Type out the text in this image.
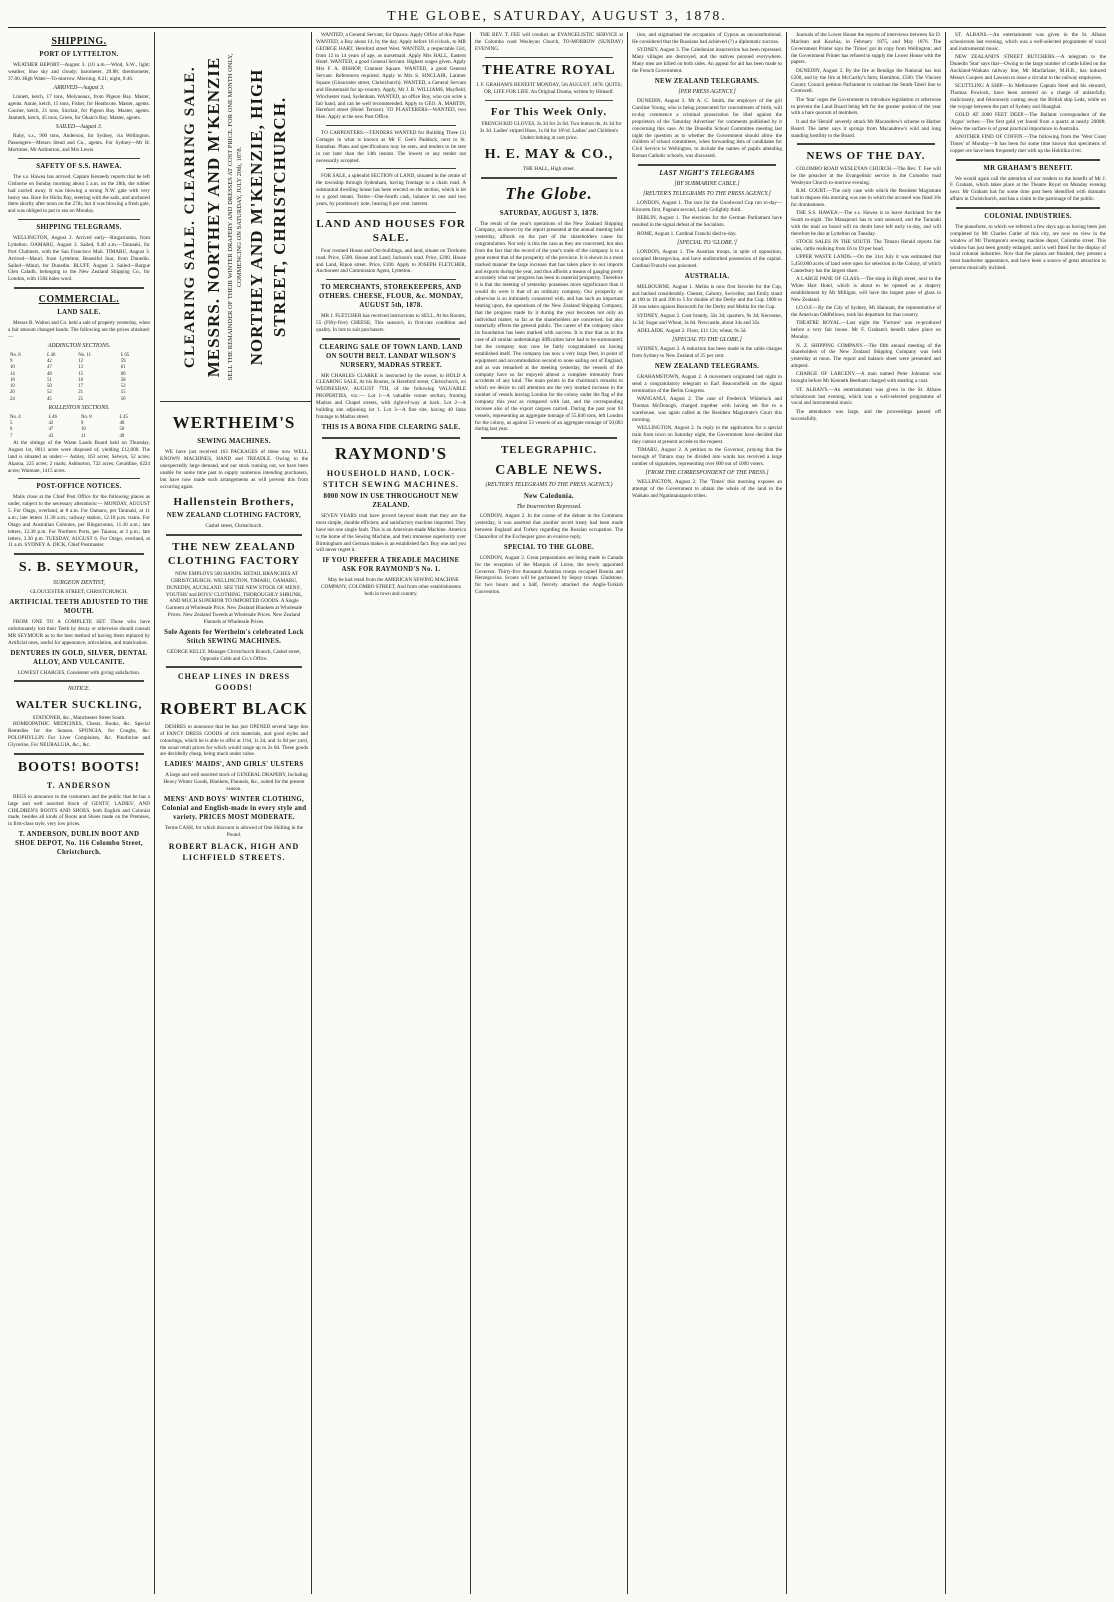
THE GLOBE, SATURDAY, AUGUST 3, 1878.
SHIPPING.
PORT OF LYTTELTON.
WEATHER REPORT—August 3. (10 a.m.—Wind, S.W., light; weather, blue sky and cloudy; barometer, 29.88; thermometer, 37.00. High Water—To-morrow. Morning, 8.21; night, 8.46.
ARRIVED—August 3.
Linnett, ketch, 17 tons, Molyneaux, from Pigeon Bay. Master, agents. Annie, ketch, 15 tons, Fisher, for Heathcote. Master, agents. Courier, ketch, 21 tons, Sinclair, for Pigeon Bay. Master, agents. Janmeth, ketch, 45 tons, Green, for Okain's Bay. Master, agents.
SAILED—August 3.
Ruby, s.s., 900 tons, Anderson, for Sydney, via Wellington. Passengers—Messrs Stead and Co., agents. For Sydney—Mr H. Mortimer, Mr Ashburton, and Mrs Lewis.
SAFETY OF S.S. HAWEA.
The s.s. Hawea has arrived. Captain Kennedy reports that he left Gisborne on Sunday morning about 5 a.m. on the 28th, the rubber had carried away. It was blowing a strong N.W. gale with very heavy sea. Bore for Hicks Bay, steering with the sails, and anchored there shortly after noon on the 27th, but it was blowing a fresh gale, and was obliged to put to sea on Monday.
SHIPPING TELEGRAMS.
WELLINGTON, August 2. Arrived early—Ringarooma, from Lyttelton. OAMARU, August 3. Sailed, 9.40 a.m.—Taranaki, for Port Chalmers, with the San Francisco Mail. TIMARU, August 3. Arrived—Mauri, from Lyttelton; Beautiful Star, from Dunedin. Sailed—Mauri, for Dunedin. BLUFF, August 3. Sailed—Bargue Glen Caladh, belonging to the New Zealand Shipping Co., for London, with 1584 bales wool.
COMMERCIAL.
LAND SALE.
Messrs R. Walton and Co. held a sale of property yesterday, when a fair amount changed hands. The following are the prices obtained:—
ADDINGTON SECTIONS.
No. 8	£ 46	No. 11	£ 65
9	42	12	59
10	47	13	61
14	48	15	60
18	51	16	58
19	50	17	53
20	52	21	55
24	45	25	56
ROLLESTON SECTIONS.
No. 4	£ 46	No. 8	£ 45
5	42	9	48
6	47	10	50
7	43	11	49
At the sittings of the Waste Lands Board held on Thursday, August 1st, 8011 acres were disposed of, yielding £12,000. The land is situated as under:— Ashley, 163 acres; Selwyn, 52 acres; Akaroa, 225 acres; 2 roads; Ashburton, 722 acres; Geraldine, 6224 acres; Waimate, 1415 acres.
POST-OFFICE NOTICES.
Mails close at the Chief Post Office for the following places as under, subject to the necessary alterations:— MONDAY, AUGUST 5. For Otago, overland, at 8 a.m. For Oamaru, per Taranaki, at 11 a.m.; late letters 11.30 a.m.; railway station, 12.10 p.m. trains. For Otago and Australian Colonies, per Ringarooma, 11.30 a.m.; late letters, 12.30 p.m. For Northern Ports, per Taiaroa, at 3 p.m.; late letters, 3.30 p.m. TUESDAY, AUGUST 6. For Otago, overland, at 11 a.m. SYDNEY A. DICK, Chief Postmaster.
S. B. SEYMOUR,
SURGEON DENTIST,
GLOUCESTER STREET, CHRISTCHURCH.
ARTIFICIAL TEETH ADJUSTED TO THE MOUTH.
FROM ONE TO A COMPLETE SET. Those who have unfortunately lost their Teeth by decay or otherwise should consult MR SEYMOUR as to the best method of having them replaced by Artificial ones, useful for appearance, articulation, and mastication.
DENTURES IN GOLD, SILVER, DENTAL ALLOY, AND VULCANITE.
LOWEST CHARGES, Consistent with giving satisfaction.
NOTICE.
WALTER SUCKLING,
STATIONER, &c., Manchester Street South.
HOMEOPATHIC MEDICINES, Chests, Books, &c. Special Remedies for the Season. SPONGIA, for Coughs, &c. POLOPHYLLIN For Liver Complaints, &c. Pinoforine and Glycerine, For NEURALGIA, &c., &c.
BOOTS! BOOTS!
T. ANDERSON
BEGS to announce to the customers and the public that he has a large and well assorted Stock of GENTS', LADIES', AND CHILDREN'S BOOTS AND SHOES, both English and Colonial made, besides all kinds of Boots and Shoes made on the Premises, in first-class style, very low prices.
T. ANDERSON, DUBLIN BOOT AND SHOE DEPOT, No. 116 Colombo Street, Christchurch.
CLEARING SALE. CLEARING SALE. MESSRS. NORTHEY AND M'KENZIE SELL THE REMAINDER OF THEIR WINTER DRAPERY AND DRESSES AT COST PRICE. FOR ONE MONTH ONLY, COMMENCING ON SATURDAY, JULY 20th, 1878. NORTHEY AND M'KENZIE, HIGH STREET, CHRISTCHURCH.
WERTHEIM'S
SEWING MACHINES.
WE have just received 163 PACKAGES of these now WELL KNOWN MACHINES, HAND and TREADLE. Owing to the unexpectedly large demand, and our stock running out, we have been unable for some time past to supply numerous intending purchasers, but have now made such arrangements as will prevent this from occurring again.
Hallenstein Brothers,
NEW ZEALAND CLOTHING FACTORY,
Cashel street, Christchurch.
THE NEW ZEALAND CLOTHING FACTORY
NOW EMPLOYS 500 HANDS. RETAIL BRANCHES AT CHRISTCHURCH, WELLINGTON, TIMARU, OAMARU, DUNEDIN, AUCKLAND. SEE THE NEW STOCK OF MENS', YOUTHS' and BOYS' CLOTHING, THOROUGHLY SHRUNK, AND MUCH SUPERIOR TO IMPORTED GOODS. A Single Garment at Wholesale Price. New Zealand Blankets at Wholesale Prices. New Zealand Tweeds at Wholesale Prices. New Zealand Flannels at Wholesale Prices.
Sole Agents for Wertheim's celebrated Lock Stitch SEWING MACHINES.
GEORGE KELLY, Manager Christchurch Branch, Cashel street, Opposite Cobb and Co.'s Office.
CHEAP LINES IN DRESS GOODS!
ROBERT BLACK
DESIRES to announce that he has just OPENED several large lots of FANCY DRESS GOODS of rich materials, and good styles and colourings, which he is able to offer at 1½d, 1s 2d, and 1s 6d per yard, the usual retail prices for which would range up to 2s 6d. These goods are decidedly cheap, being much under value.
LADIES' MAIDS', AND GIRLS' ULSTERS
A large and well assorted stock of GENERAL DRAPERY, Including Heavy Winter Goods, Blankets, Flannels, &c., suited for the present season.
MENS' AND BOYS' WINTER CLOTHING, Colonial and English-made in every style and variety. PRICES MOST MODERATE.
Terms CASH, for which discount is allowed of One Shilling in the Pound.
ROBERT BLACK, HIGH AND LICHFIELD STREETS.
WANTED, a General Servant, for Opawa. Apply Office of this Paper. WANTED, a Boy about 14, by the day. Apply before 10 o'clock, to MR GEORGE HART, Hereford street West. WANTED, a respectable Girl, from 12 to 14 years of age, as nursemaid. Apply Mrs HALL, Eastern Hotel. WANTED, a good General Servant. Highest wages given. Apply Mrs F. A. BISHOP, Cranmer Square. WANTED, a good General Servant. References required. Apply to Mrs S. SINCLAIR, Latimer Square (Gloucester street, Christchurch). WANTED, a General Servant and Housemaid for up-country. Apply, Mr J. B. WILLIAMS, Mayfield, Winchester road, Sydenham. WANTED, an office Boy, who can write a fair hand, and can be well recommended. Apply to GEO. A. MARTIN, Hereford street (Hotel Terrace). TO PLASTERERS—WANTED, two Men. Apply at the new Post Office.
TO CARPENTERS.—TENDERS WANTED for Building Three (3) Cottages in what is known as Mr F. Gee's Paddock, next to St. Barnabas. Plans and specifications may be seen, and tenders to be sent in not later than the 14th instant. The lowest or any tender not necessarily accepted.
FOR SALE, a splendid SECTION of LAND, situated in the centre of the township through Sydenham, having frontage to a chain road. A substantial dwelling house has been erected on the section, which is let to a good tenant. Terms—One-fourth cash, balance in one and two years, by promissory note, bearing 8 per cent. interest.
LAND AND HOUSES FOR SALE.
Four roomed House and Out-buildings, and land, situate on Ticehurst road. Price, £500. House and Land, Jackson's road. Price, £200. House and Land, Ripon street. Price, £100. Apply to JOSEPH FLETCHER, Auctioneer and Commission Agent, Lyttelton.
TO MERCHANTS, STOREKEEPERS, AND OTHERS. CHEESE, FLOUR, &c. MONDAY, AUGUST 5th, 1878.
MR J. FLETCHER has received instructions to SELL, At his Rooms, 55 (Fifty-five) CHEESE, This season's, in first-rate condition and quality. In lots to suit purchasers.
CLEARING SALE OF TOWN LAND. LAND ON SOUTH BELT. LANDAT WILSON'S NURSERY, MADRAS STREET.
MR CHARLES CLARKE is instructed by the owner, to HOLD A CLEARING SALE, At his Rooms, in Hereford street, Christchurch, on WEDNESDAY, AUGUST 7TH, of the following VALUABLE PROPERTIES, viz.:— Lot 1—A valuable corner section, fronting Madras and Chapel streets, with right-of-way at back. Lot 2—A building site adjoining lot 1. Lot 3—A fine site, having 40 links frontage to Madras street.
THIS IS A BONA FIDE CLEARING SALE.
RAYMOND'S
HOUSEHOLD HAND, LOCK-STITCH SEWING MACHINES.
8000 NOW IN USE THROUGHOUT NEW ZEALAND.
SEVEN YEARS trial have proved beyond doubt that they are the most simple, durable efficient, and satisfactory machine imported. They have not one single fault. This is an American-made Machine. America is the home of the Sewing Machine, and their immense superiority over Birmingham and German makes is an established fact. Buy one and you will never regret it.
IF YOU PREFER A TREADLE MACHINE ASK FOR RAYMOND'S No. 1.
May be had retail from the AMERICAN SEWING MACHINE COMPANY, COLOMBO STREET, And from other establishments both in town and country.
THE REV. T. FEE will conduct an EVANGELISTIC SERVICE at the Colombo road Wesleyan Church, TO-MORROW (SUNDAY) EVENING.
THEATRE ROYAL
J. F. GRAHAM'S BENEFIT MONDAY, 5th AUGUST, 1878. QUITS; OR, LIFE FOR LIFE. An Original Drama, written by Himself.
For This Week Only.
FRENCH KID GLOVES, 3s 3d for 2s 6d. Two button do, 4s 3d for 3s 3d. Ladies' striped Hose, 1s 6d for 10½d. Ladies' and Children's Underclothing at cost price.
H. E. MAY & CO.,
THE HALL, High street.
The Globe.
SATURDAY, AUGUST 3, 1878.
The result of the year's operations of the New Zealand Shipping Company, as shown by the report presented at the annual meeting held yesterday, affords on the part of the shareholders cause for congratulation. Not only is this the case as they are concerned, but also from the fact that the record of the year's trade of the company is to a great extent that of the prosperity of the province. It is shown in a most marked manner the large increase that has taken place in our imports and exports during the year, and thus affords a means of gauging pretty accurately what our progress has been in material prosperity. Therefore it is that the meeting of yesterday possesses more significance than it would do were it that of an ordinary company. Our prosperity or otherwise is so intimately connected with, and has such an important bearing upon, the operations of the New Zealand Shipping Company, that the progress made by it during the year becomes not only an individual matter, so far as the shareholders are concerned, but also materially effects the general public. The career of the company since its foundation has been marked with success. It is true that as in the case of all similar undertakings difficulties have had to be surmounted, but the company may now be fairly congratulated on having established itself. The company has now a very large fleet, in point of equipment and accommodation second to none sailing out of England, and as was remarked at the meeting yesterday, the vessels of the company have so far enjoyed almost a complete immunity from accidents of any kind. The main points in the chairman's remarks to which we desire to call attention are the very marked increase in the number of vessels leaving London for the colony under the flag of the company this year as compared with last, and the corresponding increase also of the export cargoes carried. During the past year 63 vessels, representing an aggregate tonnage of 55,846 tons, left London for the colony, as against 53 vessels of an aggregate tonnage of 50,003 during last year.
TELEGRAPHIC.
CABLE NEWS.
(REUTER'S TELEGRAMS TO THE PRESS AGENCY.)
New Caledonia.
The Insurrection Repressed.
LONDON, August 2. In the course of the debate in the Commons yesterday, it was asserted that another secret treaty had been made between England and Turkey regarding the Russian occupation. The Chancellor of the Exchequer gave an evasive reply.
SPECIAL TO THE GLOBE.
LONDON, August 2. Great preparations are being made in Canada for the reception of the Marquis of Lorne, the newly appointed Governor. Thirty-five thousand Austrian troops occupied Bosnia and Herzegovina. Scouts will be garrisoned by Sepoy troops. Gladstone, for two hours and a half, fiercely attacked the Anglo-Turkish Convention.
tion, and stigmatised the occupation of Cyprus as unconstitutional. He considered that the Russians had achieved (?) a diplomatic success.
SYDNEY, August 3. The Caledonian insurrection has been repressed. Many villages are destroyed, and the natives pursued everywhere. Many men are killed on both sides. An appeal for aid has been made to the French Government.
NEW ZEALAND TELEGRAMS.
[PER PRESS AGENCY.]
DUNEDIN, August 2. Mr A. C. Smith, the employer of the girl Caroline Young, who is being prosecuted for concealment of birth, will to-day commence a criminal prosecution for libel against the proprietors of the 'Saturday Advertiser' for comments published by it concerning this case. At the Dunedin School Committee meeting last night the question as to whether the Government should allow the children of school committees, when forwarding lists of candidates for Civil Service to Wellington, to include the names of pupils attending Roman Catholic schools, was discussed.
LAST NIGHT'S TELEGRAMS
[BY SUBMARINE CABLE.]
[REUTER'S TELEGRAMS TO THE PRESS AGENCY.]
LONDON, August 1. The race for the Goodwood Cup run to-day—Kincsem first, Pageant second, Lady Golightly third.
BERLIN, August 1. The elections for the German Parliament have resulted in the signal defeat of the Socialists.
ROME, August 1. Cardinal Franchi died to-day.
[SPECIAL TO 'GLOBE.']
LONDON, August 1. The Austrian troops, in spite of opposition, occupied Herzegovina, and have undisturbed possession of the capital. Cardinal Franchi was poisoned.
AUSTRALIA.
MELBOURNE, August 1. Melita is now first favorite for the Cup, and backed considerably. Chester, Calumy, Swiveller, and Emily stand at 100 to 10 and 100 to 5 for double of the Derby and the Cup; 1000 to 20 was taken against Bosworth for the Derby and Melita for the Cup.
SYDNEY, August 2. Cost brandy, 32s 3d; quarters, 9s 3d; Kerosene, 1s 3d; Sugar and Wheat, 3s 6d. Newcastle, about 34s and 35s.
ADELAIDE, August 2. Flour, £11 12s; wheat, 6s 5d.
[SPECIAL TO THE GLOBE.]
SYDNEY, August 2. A reduction has been made in the cable charges from Sydney to New Zealand of 25 per cent.
NEW ZEALAND TELEGRAMS.
GRAHAMSTOWN, August 2. A movement originated last night to send a congratulatory telegram to Earl Beaconsfield on the signal termination of the Berlin Congress.
WANGANUI, August 2. The case of Frederick Whitelock and Thomas McDonogh, charged together with having set fire to a warehouse, was again called at the Resident Magistrate's Court this morning.
WELLINGTON, August 2. In reply to the application for a special train from town on Saturday night, the Government have decided that they cannot at present accede to the request.
TIMARU, August 2. A petition to the Governor, praying that the borough of Timaru may be divided into wards has received a large number of signatures, representing over 600 out of 1000 voters.
[FROM THE CORRESPONDENT OF THE PRESS.]
WELLINGTON, August 2. The 'Times' this morning exposes an attempt of the Government to obtain the whole of the land in the Waikato and Ngatimaniapoto tribes.
Journals of the Lower House the reports of interviews between Sir D. Maclean and Kawhia, in February 1875, and May 1876. The Government Printer says the 'Times' got its copy from Wellington; and the Government Printer has refused to supply the Lower House with the papers.
DUNEDIN, August 2. By the fire at Bendigo the National has lost £200, and by the fire at McCarthy's farm, Hamilton, £500. The Vincent County Council petition Parliament to continue the Strath-Taieri line to Cromwell.
The 'Star' urges the Government to introduce legislation or otherwise to prevent the Land Board being left for the greater portion of the year with a bare quorum of members.
It and the 'Herald' severely attack Mr Macandrew's scheme re Harbor Board. The latter says it springs from Macandrew's wild and long standing hostility to the Board.
NEWS OF THE DAY.
COLOMBO ROAD WESLEYAN CHURCH.—The Rev. T. Fee will be the preacher at the Evangelistic service in the Colombo road Wesleyan Church to-morrow evening.
R.M. COURT.—The only case with which the Resident Magistrate had to dispose this morning was one in which the accused was fined 10s for drunkenness.
THE S.S. HAWEA.—The s.s. Hawea is to leave Auckland for the South to-night. The Manapouri has to wait seaward, and the Taranaki with the mail on board will no doubt have left early to-day, and will therefore be due at Lyttelton on Tuesday.
STOCK SALES IN THE SOUTH. The Timaru Herald reports fair sales, cattle realising from £6 to £9 per head.
UPPER WASTE LANDS.—On the 31st July it was estimated that 5,450,000 acres of land were open for selection in the Colony, of which Canterbury has the largest share.
A LARGE PANE OF GLASS.—The shop in High street, next to the White Hart Hotel, which is about to be opened as a drapery establishment by Mr Milligan, will have the largest pane of glass in New Zealand.
I.O.O.F.—By the City of Sydney, Mr Hannam, the representative of the American Oddfellows, took his departure for that country.
THEATRE ROYAL.—Last night the 'Fortune' was re-produced before a very fair house. Mr F. Graham's benefit takes place on Monday.
N. Z. SHIPPING COMPANY.—The fifth annual meeting of the shareholders of the New Zealand Shipping Company was held yesterday at noon. The report and balance sheet were presented and adopted.
CHARGE OF LARCENY.—A man named Peter Johnston was brought before Mr Kenneth Beetham charged with stealing a coat.
ST. ALBAN'S.—An entertainment was given in the St. Albans schoolroom last evening, which was a well-selected programme of vocal and instrumental music.
The attendance was large, and the proceedings passed off successfully.
ST. ALBANS.—An entertainment was given in the St. Albans schoolroom last evening, which was a well-selected programme of vocal and instrumental music.
NEW ZEALAND'S STREET BUTCHERS.—A telegram to the Dunedin 'Star' says that—Owing to the large number of cattle killed on the Auckland-Waikato railway line, Mr Macfarlane, M.H.R., has induced Messrs Coopers and Lawson to issue a circular to the railway employees.
SCUTTLING A SHIP.—In Melbourne Captain Steel and his steward, Thomas Powlock, have been arrested on a charge of unlawfully, maliciously, and feloniously casting away the British ship Leda, while on the voyage between the port of Sydney and Shanghai.
GOLD AT 2000 FEET DEEP.—The Ballarat correspondent of the 'Argus' writes:—The first gold yet found from a quartz at nearly 2000ft. below the surface is of great practical importance to Australia.
ANOTHER FIND OF COFFIN.—The following from the 'West Coast Times' of Monday—It has been for some time known that specimens of copper ore have been frequently met with up the Hokitika river.
MR GRAHAM'S BENEFIT.
We would again call the attention of our readers to the benefit of Mr J. F. Graham, which takes place at the Theatre Royal on Monday evening next. Mr Graham has for some time past been identified with dramatic affairs in Christchurch, and has a claim to the patronage of the public.
COLONIAL INDUSTRIES.
The pianoforte, to which we referred a few days ago as having been just completed by Mr Charles Cutler of this city, are now on view in the window of Mr Thompson's sewing machine depot, Colombo street. This window has just been greatly enlarged, and is well fitted for the display of local colonial industries. Now that the pianos are finished, they present a most handsome appearance, and have been a source of great attraction to persons musically inclined.
